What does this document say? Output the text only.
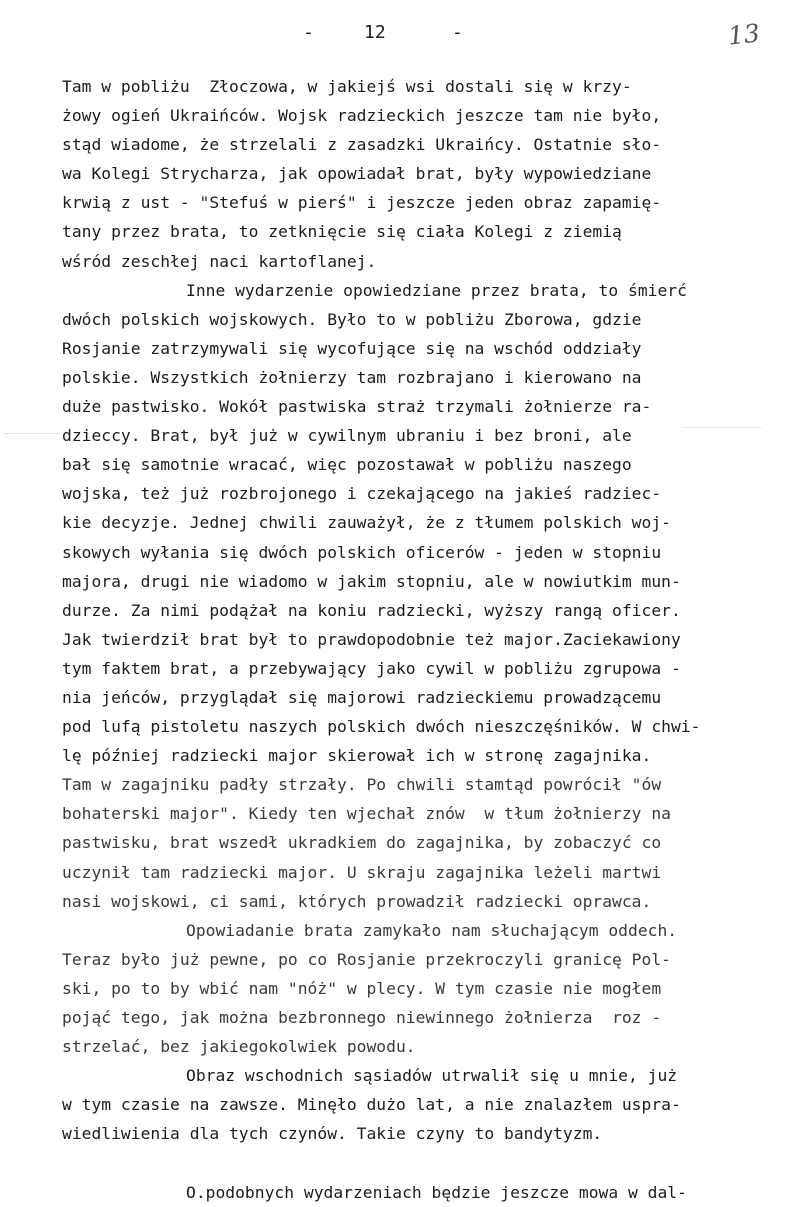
-	12	-	13
Tam w pobliżu  Złoczowa, w jakiejś wsi dostali się w krzy-
żowy ogień Ukraińców. Wojsk radzieckich jeszcze tam nie było,
stąd wiadome, że strzelali z zasadzki Ukraińcy. Ostatnie sło-
wa Kolegi Strycharza, jak opowiadał brat, były wypowiedziane
krwią z ust - "Stefuś w pierś" i jeszcze jeden obraz zapamię-
tany przez brata, to zetknięcie się ciała Kolegi z ziemią
wśród zeschłej naci kartoflanej.
Inne wydarzenie opowiedziane przez brata, to śmierć
dwóch polskich wojskowych. Było to w pobliżu Zborowa, gdzie
Rosjanie zatrzymywali się wycofujące się na wschód oddziały
polskie. Wszystkich żołnierzy tam rozbrajano i kierowano na
duże pastwisko. Wokół pastwiska straż trzymali żołnierze ra-
dzieccy. Brat, był już w cywilnym ubraniu i bez broni, ale
bał się samotnie wracać, więc pozostawał w pobliżu naszego
wojska, też już rozbrojonego i czekającego na jakieś radziec-
kie decyzje. Jednej chwili zauważył, że z tłumem polskich woj-
skowych wyłania się dwóch polskich oficerów - jeden w stopniu
majora, drugi nie wiadomo w jakim stopniu, ale w nowiutkim mun-
durze. Za nimi podążał na koniu radziecki, wyższy rangą oficer.
Jak twierdził brat był to prawdopodobnie też major.Zaciekawiony
tym faktem brat, a przebywający jako cywil w pobliżu zgrupowa -
nia jeńców, przyglądał się majorowi radzieckiemu prowadzącemu
pod lufą pistoletu naszych polskich dwóch nieszczęśników. W chwi-
lę później radziecki major skierował ich w stronę zagajnika.
Tam w zagajniku padły strzały. Po chwili stamtąd powrócił "ów
bohaterski major". Kiedy ten wjechał znów  w tłum żołnierzy na
pastwisku, brat wszedł ukradkiem do zagajnika, by zobaczyć co
uczynił tam radziecki major. U skraju zagajnika leżeli martwi
nasi wojskowi, ci sami, których prowadził radziecki oprawca.
Opowiadanie brata zamykało nam słuchającym oddech.
Teraz było już pewne, po co Rosjanie przekroczyli granicę Pol-
ski, po to by wbić nam "nóż" w plecy. W tym czasie nie mogłem
pojąć tego, jak można bezbronnego niewinnego żołnierza  roz -
strzelać, bez jakiegokolwiek powodu.
Obraz wschodnich sąsiadów utrwalił się u mnie, już
w tym czasie na zawsze. Minęło dużo lat, a nie znalazłem uspra-
wiedliwienia dla tych czynów. Takie czyny to bandytyzm.
O.podobnych wydarzeniach będzie jeszcze mowa w dal-
